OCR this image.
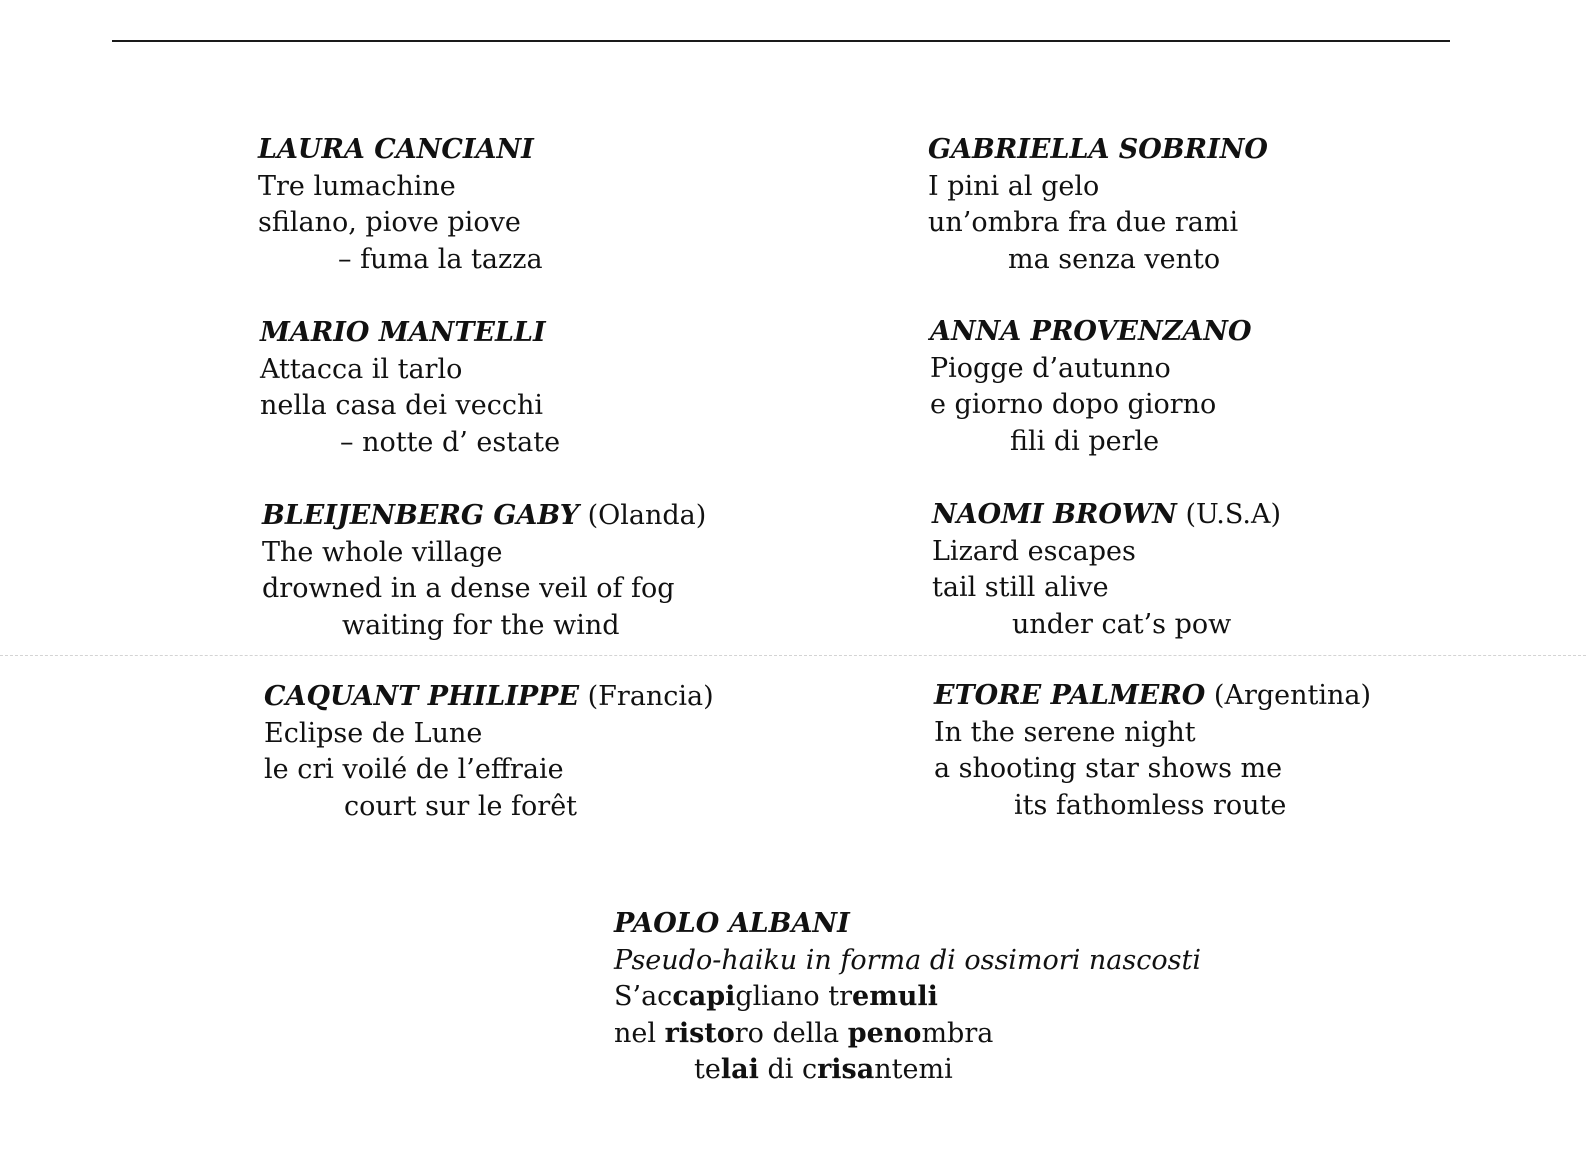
LAURA CANCIANI
Tre lumachine
sfilano, piove piove
– fuma la tazza
GABRIELLA SOBRINO
I pini al gelo
un’ombra fra due rami
ma senza vento
MARIO MANTELLI
Attacca il tarlo
nella casa dei vecchi
– notte d’ estate
ANNA PROVENZANO
Piogge d’autunno
e giorno dopo giorno
fili di perle
BLEIJENBERG GABY (Olanda)
The whole village
drowned in a dense veil of fog
waiting for the wind
NAOMI BROWN (U.S.A)
Lizard escapes
tail still alive
under cat’s pow
CAQUANT PHILIPPE (Francia)
Eclipse de Lune
le cri voilé de l’effraie
court sur le forêt
ETORE PALMERO (Argentina)
In the serene night
a shooting star shows me
its fathomless route
PAOLO ALBANI
Pseudo-haiku in forma di ossimori nascosti
S’accapigliano tremuli
nel ristoro della penombra
telai di crisantemi
